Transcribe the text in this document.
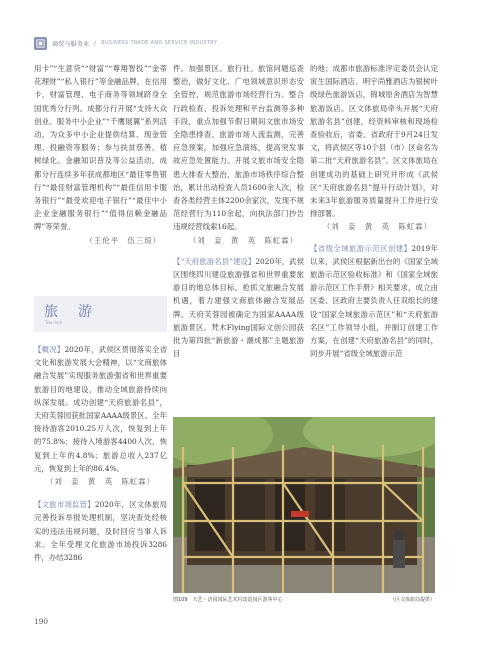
商贸与服务业 / BUSINESS TRADE AND SERVICE INDUSTRY

用卡”“生意贷”“财富”“尊翔智投”“金蒂花理财”“私人银行”等金融品牌，在信用卡、财富管理、电子商务等领域跻身全国优秀分行列。成都分行开展“支持大众创业、服务中小企业”“千鹰展翼”系列活动，为众多中小企业提供结算、现金管理、投融资等服务；参与扶贫慈善、植树绿化、金融知识普及等公益活动。成都分行连续多年获成都地区“最佳零售银行”“最佳财富管理机构”“最佳信用卡服务银行”“最受欢迎电子银行”“最佳中小企业金融服务银行”“值得信赖金融品牌”等荣誉。

（王伦平　伍三琼）

旅　游
Tourism

【概况】2020年，武侯区贯彻落实全省文化和旅游发展大会精神，以“文商旅体融合发展”实现服务旅游强省和世界重要旅游目的地建设，推动全域旅游持续向纵深发展。成功创建“天府旅游名县”，天府芙蓉园获批国家AAAA级景区。全年接待游客2010.25万人次，恢复到上年的75.8%；接待入境游客4400人次，恢复到上年的4.8%；旅游总收入237亿元，恢复到上年的86.4%。

（刘　妾　黄　英　陈虹霖）

【文旅市场监管】2020年，区文体旅局完善投诉举报处理机制，坚决查处经核实的违法违规问题，及时回应当事人诉求。全年受理文化旅游市场投诉3286件，办结3286

件。加强景区、旅行社、旅馆问题巡查整治，做好文化、广电领域意识形态安全管控，规范旅游市场经营行为。整合行政检查、投诉处理和平台监测等多种手段，重点加强节假日期间文旅市场安全隐患排查、旅游市场人流监测，完善应急预案，加强应急演练，提高突发事故应急处置能力。开展文旅市场安全隐患大排查大整治，旅游市场秩序综合整治，累计出动检查人员1600余人次，检查各类经营主体2200余家次，发现不规范经营行为110余起，向执法部门抄告违规经营线索16起。

（刘　妾　黄　英　陈虹霖）

【“天府旅游名县”建设】2020年，武侯区围绕四川建设旅游强省和世界重要旅游目的地总体目标，抢抓文旅融合发展机遇，着力建强文商旅体融合发展品牌。天府芙蓉园被确定为国家AAAA级旅游景区。梵木Flying国际文创公园获批为第四批“新旅游・潮成都”主题旅游目

的地；成都市旅游标准评定委员会认定寅生国际酒店、明宇尚雅酒店为银树叶级绿色旅游饭店，锦城原舍酒店为智慧旅游饭店。区文体旅局牵头开展“天府旅游名县”创建，经资料审核和现场检查验收后，省委、省政府于9月24日发文，将武侯区等10个县（市）区命名为第二批“天府旅游名县”。区文体旅局在创建成功的基础上研究并形成《武侯区“天府旅游名县”提升行动计划》，对未来3年旅游服务质量提升工作进行安排部署。

（刘　妾　黄　英　陈虹霖）

【省级全域旅游示范区创建】2019年以来，武侯区根据新出台的《国家全域旅游示范区验收标准》和《国家全域旅游示范区工作手册》相关要求，成立由区委、区政府主要负责人任双组长的建设“国家全域旅游示范区”和“天府旅游名区”工作领导小组，并制订创建工作方案，在创建“天府旅游名县”的同时，同步开展“省级全域旅游示范

图109　天艺・济园国际艺术村改造园区游客中心	（区文体旅局提供）
190
